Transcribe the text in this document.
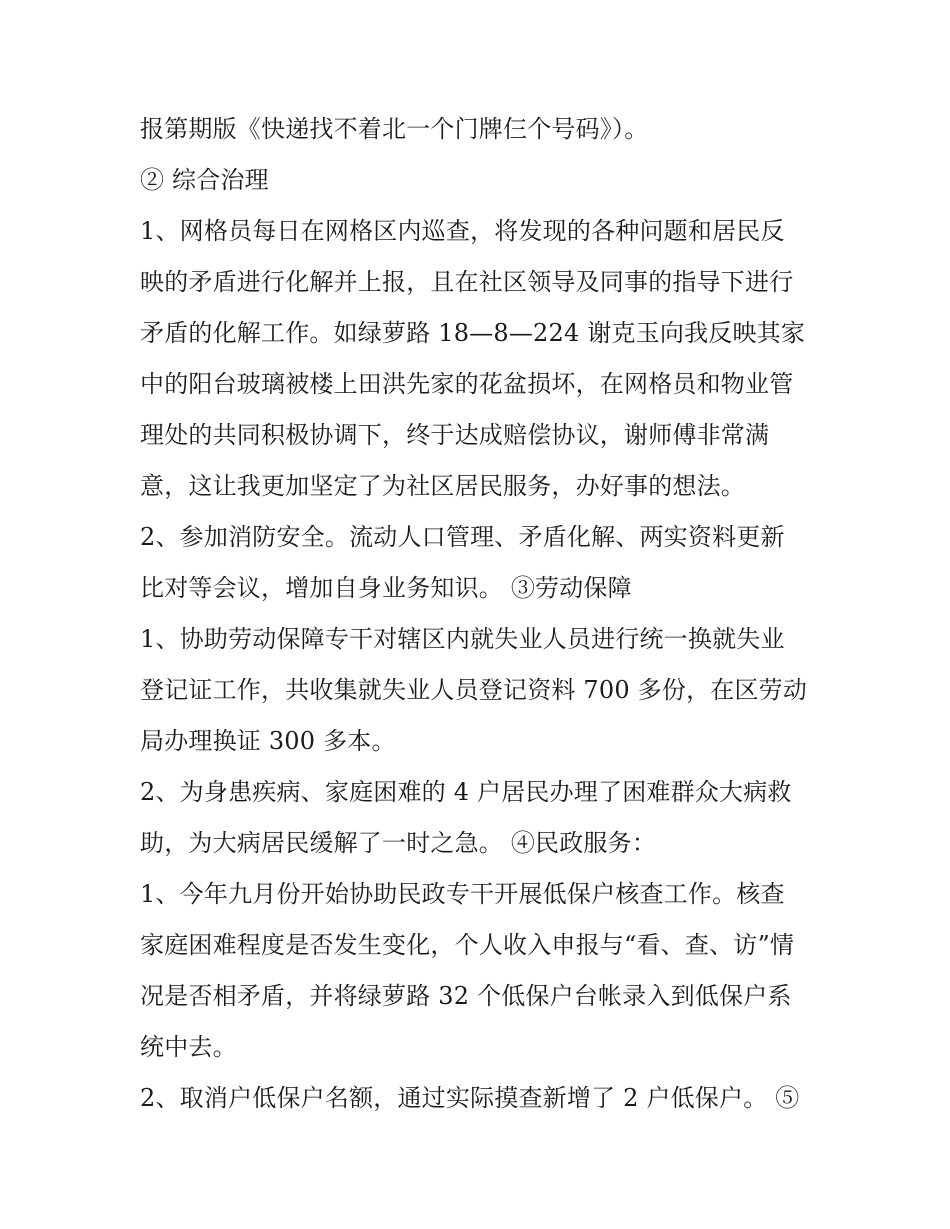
报第期版《快递找不着北一个门牌仨个号码》）。
② 综合治理
1、网格员每日在网格区内巡查，将发现的各种问题和居民反
映的矛盾进行化解并上报，且在社区领导及同事的指导下进行
矛盾的化解工作。如绿萝路 18—8—224 谢克玉向我反映其家
中的阳台玻璃被楼上田洪先家的花盆损坏，在网格员和物业管
理处的共同积极协调下，终于达成赔偿协议，谢师傅非常满
意，这让我更加坚定了为社区居民服务，办好事的想法。
2、参加消防安全。流动人口管理、矛盾化解、两实资料更新
比对等会议，增加自身业务知识。 ③劳动保障
1、协助劳动保障专干对辖区内就失业人员进行统一换就失业
登记证工作，共收集就失业人员登记资料 700 多份，在区劳动
局办理换证 300 多本。
2、为身患疾病、家庭困难的 4 户居民办理了困难群众大病救
助，为大病居民缓解了一时之急。 ④民政服务：
1、今年九月份开始协助民政专干开展低保户核查工作。核查
家庭困难程度是否发生变化，个人收入申报与“看、查、访”情
况是否相矛盾，并将绿萝路 32 个低保户台帐录入到低保户系
统中去。
2、取消户低保户名额，通过实际摸查新增了 2 户低保户。 ⑤
